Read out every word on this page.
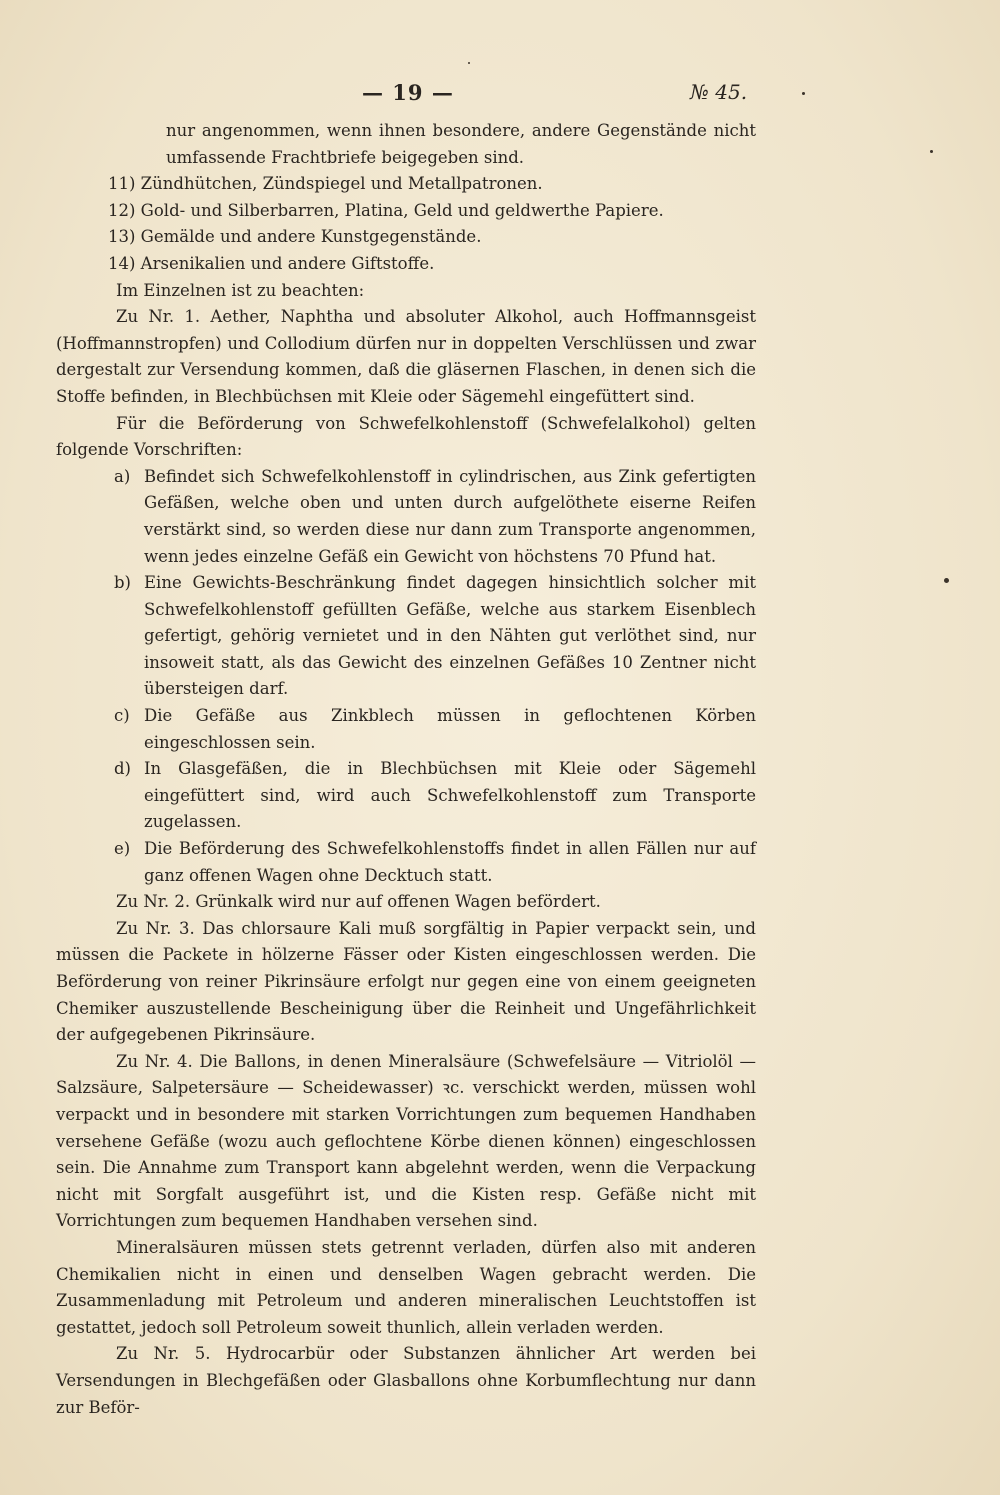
— 19 —	№ 45.

nur angenommen, wenn ihnen besondere, andere Gegenstände nicht umfassende Frachtbriefe beigegeben sind.

11) Zündhütchen, Zündspiegel und Metallpatronen.

12) Gold- und Silberbarren, Platina, Geld und geldwerthe Papiere.

13) Gemälde und andere Kunstgegenstände.

14) Arsenikalien und andere Giftstoffe.

Im Einzelnen ist zu beachten:

Zu Nr. 1. Aether, Naphtha und absoluter Alkohol, auch Hoffmannsgeist (Hoffmannstropfen) und Collodium dürfen nur in doppelten Verschlüssen und zwar dergestalt zur Versendung kommen, daß die gläsernen Flaschen, in denen sich die Stoffe befinden, in Blechbüchsen mit Kleie oder Sägemehl eingefüttert sind.

Für die Beförderung von Schwefelkohlenstoff (Schwefelalkohol) gelten folgende Vorschriften:

a) Befindet sich Schwefelkohlenstoff in cylindrischen, aus Zink gefertigten Gefäßen, welche oben und unten durch aufgelöthete eiserne Reifen verstärkt sind, so werden diese nur dann zum Transporte angenommen, wenn jedes einzelne Gefäß ein Gewicht von höchstens 70 Pfund hat.

b) Eine Gewichts-Beschränkung findet dagegen hinsichtlich solcher mit Schwefelkohlenstoff gefüllten Gefäße, welche aus starkem Eisenblech gefertigt, gehörig vernietet und in den Nähten gut verlöthet sind, nur insoweit statt, als das Gewicht des einzelnen Gefäßes 10 Zentner nicht übersteigen darf.

c) Die Gefäße aus Zinkblech müssen in geflochtenen Körben eingeschlossen sein.

d) In Glasgefäßen, die in Blechbüchsen mit Kleie oder Sägemehl eingefüttert sind, wird auch Schwefelkohlenstoff zum Transporte zugelassen.

e) Die Beförderung des Schwefelkohlenstoffs findet in allen Fällen nur auf ganz offenen Wagen ohne Decktuch statt.

Zu Nr. 2. Grünkalk wird nur auf offenen Wagen befördert.

Zu Nr. 3. Das chlorsaure Kali muß sorgfältig in Papier verpackt sein, und müssen die Packete in hölzerne Fässer oder Kisten eingeschlossen werden. Die Beförderung von reiner Pikrinsäure erfolgt nur gegen eine von einem geeigneten Chemiker auszustellende Bescheinigung über die Reinheit und Ungefährlichkeit der aufgegebenen Pikrinsäure.

Zu Nr. 4. Die Ballons, in denen Mineralsäure (Schwefelsäure — Vitriolöl — Salzsäure, Salpetersäure — Scheidewasser) ꝛc. verschickt werden, müssen wohl verpackt und in besondere mit starken Vorrichtungen zum bequemen Handhaben versehene Gefäße (wozu auch geflochtene Körbe dienen können) eingeschlossen sein. Die Annahme zum Transport kann abgelehnt werden, wenn die Verpackung nicht mit Sorgfalt ausgeführt ist, und die Kisten resp. Gefäße nicht mit Vorrichtungen zum bequemen Handhaben versehen sind.

Mineralsäuren müssen stets getrennt verladen, dürfen also mit anderen Chemikalien nicht in einen und denselben Wagen gebracht werden. Die Zusammenladung mit Petroleum und anderen mineralischen Leuchtstoffen ist gestattet, jedoch soll Petroleum soweit thunlich, allein verladen werden.

Zu Nr. 5. Hydrocarbür oder Substanzen ähnlicher Art werden bei Versendungen in Blechgefäßen oder Glasballons ohne Korbumflechtung nur dann zur Beför-
